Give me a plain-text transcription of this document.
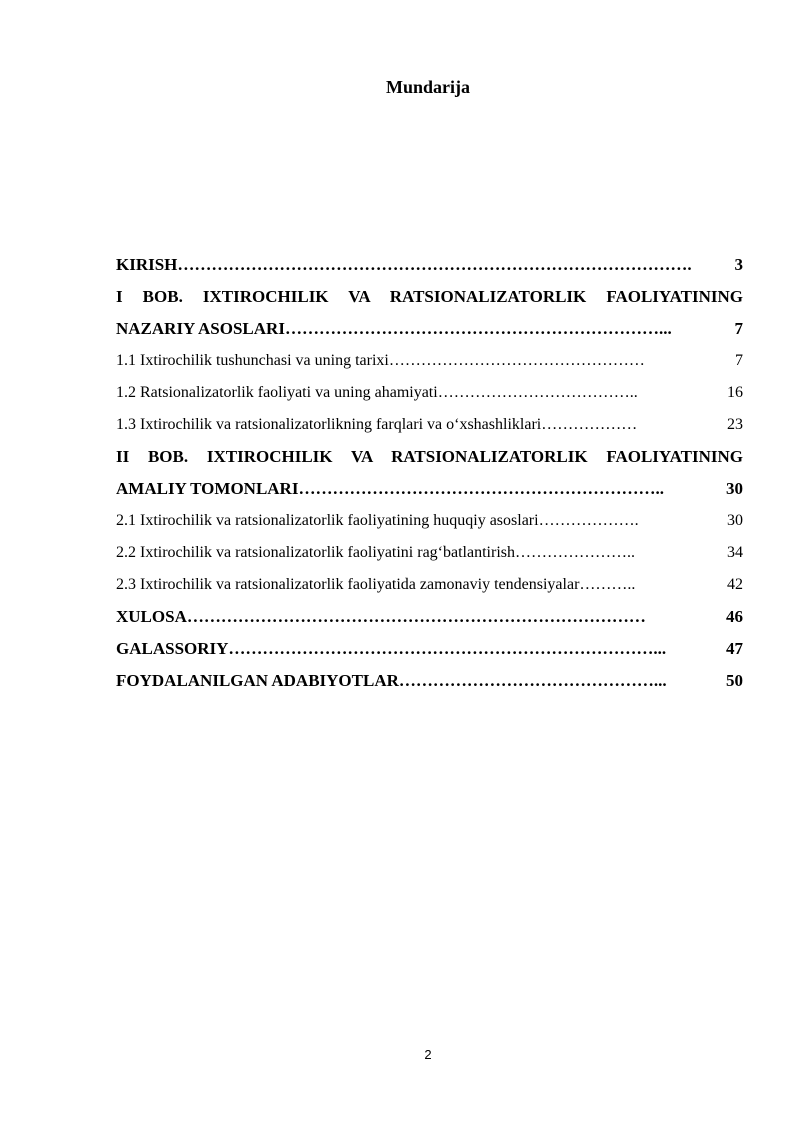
Mundarija
KIRISH ……………………………………………………………………………….	3
I BOB. IXTIROCHILIK VA RATSIONALIZATORLIK FAOLIYATINING
NAZARIY ASOSLARI …………………………………………………………...	7
1.1 Ixtirochilik tushunchasi va uning tarixi …………………………………………	7
1.2 Ratsionalizatorlik faoliyati va uning ahamiyati ………………………………..	16
1.3 Ixtirochilik va ratsionalizatorlikning farqlari va o‘xshashliklari ………………	23
II BOB. IXTIROCHILIK VA RATSIONALIZATORLIK FAOLIYATINING
AMALIY TOMONLARI ………………………………………………………..	30
2.1 Ixtirochilik va ratsionalizatorlik faoliyatining huquqiy asoslari ……………….	30
2.2 Ixtirochilik va ratsionalizatorlik faoliyatini rag‘batlantirish …………………..	34
2.3 Ixtirochilik va ratsionalizatorlik faoliyatida zamonaviy tendensiyalar ………..	42
XULOSA ………………………………………………………………………	46
GALASSORIY …………………………………………………………………...	47
FOYDALANILGAN ADABIYOTLAR ………………………………………...	50
2
